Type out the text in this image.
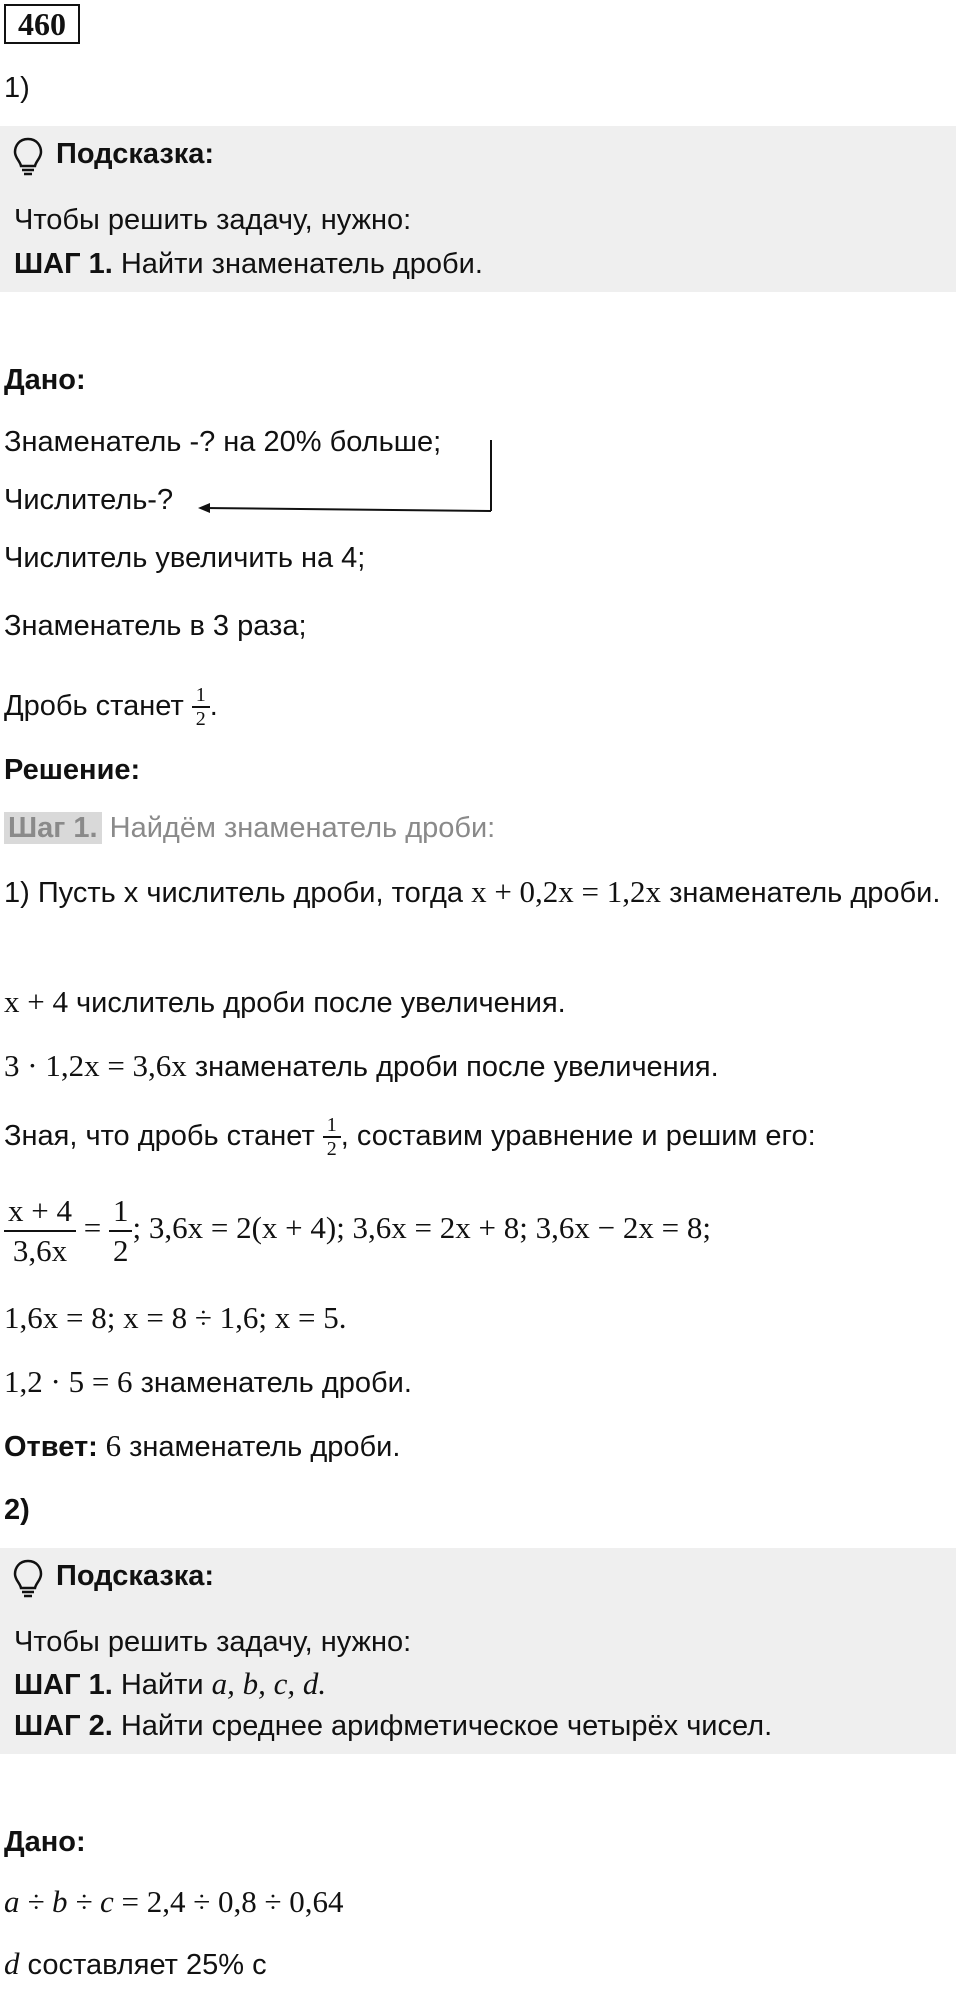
460
1)
Подсказка:
Чтобы решить задачу, нужно:
ШАГ 1. Найти знаменатель дроби.
Дано:
Знаменатель -? на 20% больше;
Числитель-?
Числитель увеличить на 4;
Знаменатель в 3 раза;
Дробь станет $\frac{1}{2}$ .
Решение:
Шаг 1. Найдём знаменатель дроби:
1) Пусть х числитель дроби, тогда x + 0,2x = 1,2x знаменатель дроби.
x + 4 числитель дроби после увеличения.
3 · 1,2x = 3,6x знаменатель дроби после увеличения.
Зная, что дробь станет $\frac{1}{2}$ , составим уравнение и решим его:
$\frac{x + 4}{3,6x} = \frac{1}{2}$ ; 3,6x = 2(x + 4); 3,6x = 2x + 8; 3,6x − 2x = 8;
1,6x = 8; x = 8 ÷ 1,6; x = 5.
1,2 · 5 = 6 знаменатель дроби.
Ответ: 6 знаменатель дроби.
2)
Подсказка:
Чтобы решить задачу, нужно:
ШАГ 1. Найти a, b, c, d.
ШАГ 2. Найти среднее арифметическое четырёх чисел.
Дано:
a ÷ b ÷ c = 2,4 ÷ 0,8 ÷ 0,64
d составляет 25% с
